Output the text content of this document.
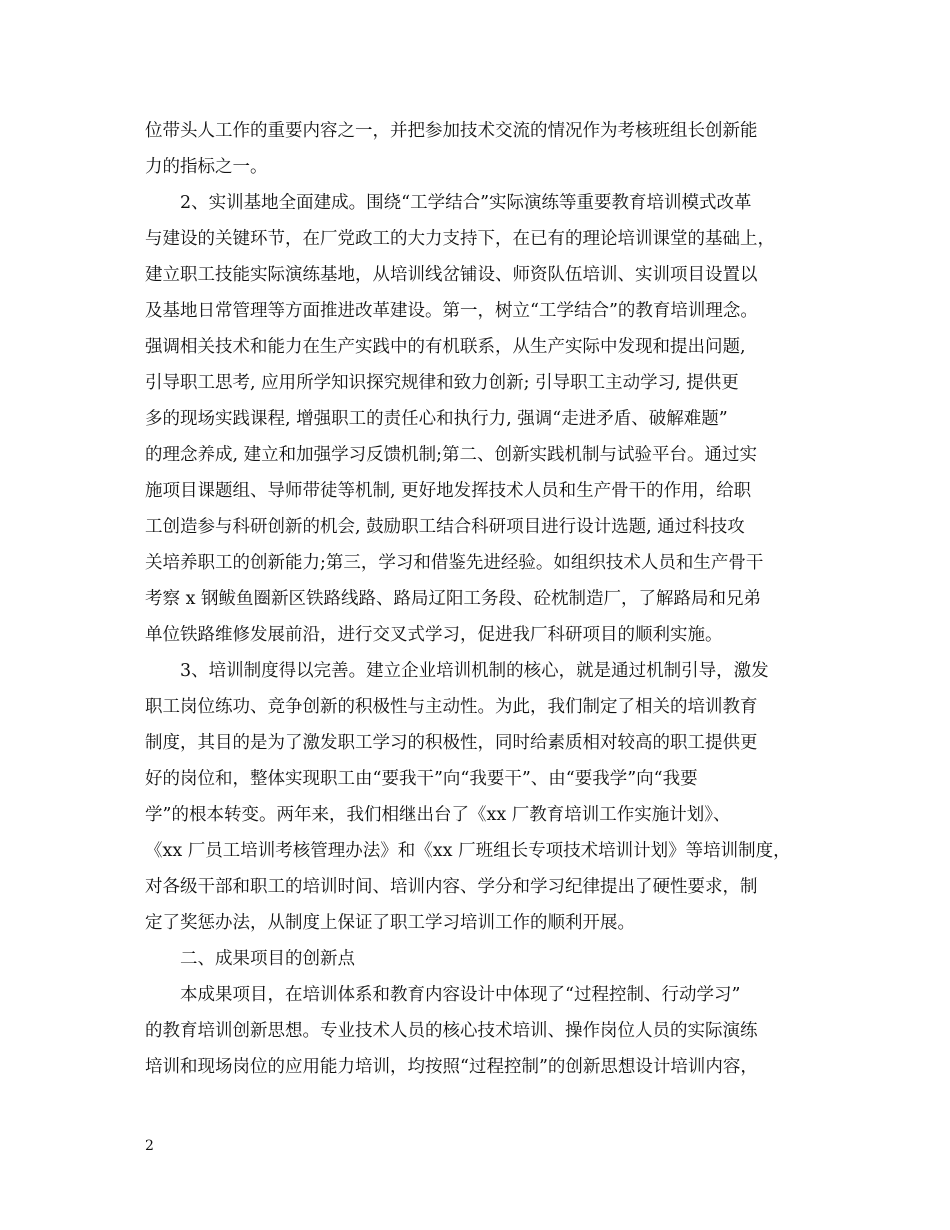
位带头人工作的重要内容之一，并把参加技术交流的情况作为考核班组长创新能

力的指标之一。

2、实训基地全面建成。围绕“工学结合”实际演练等重要教育培训模式改革

与建设的关键环节，在厂党政工的大力支持下，在已有的理论培训课堂的基础上，

建立职工技能实际演练基地，从培训线岔铺设、师资队伍培训、实训项目设置以

及基地日常管理等方面推进改革建设。第一，树立“工学结合”的教育培训理念。

强调相关技术和能力在生产实践中的有机联系，从生产实际中发现和提出问题,

引导职工思考, 应用所学知识探究规律和致力创新; 引导职工主动学习, 提供更

多的现场实践课程, 增强职工的责任心和执行力, 强调“走进矛盾、破解难题”

的理念养成, 建立和加强学习反馈机制;第二、创新实践机制与试验平台。通过实

施项目课题组、导师带徒等机制, 更好地发挥技术人员和生产骨干的作用，给职

工创造参与科研创新的机会, 鼓励职工结合科研项目进行设计选题, 通过科技攻

关培养职工的创新能力;第三，学习和借鉴先进经验。如组织技术人员和生产骨干

考察 x 钢鲅鱼圈新区铁路线路、路局辽阳工务段、砼枕制造厂，了解路局和兄弟

单位铁路维修发展前沿，进行交叉式学习，促进我厂科研项目的顺利实施。

3、培训制度得以完善。建立企业培训机制的核心，就是通过机制引导，激发

职工岗位练功、竞争创新的积极性与主动性。为此，我们制定了相关的培训教育

制度，其目的是为了激发职工学习的积极性，同时给素质相对较高的职工提供更

好的岗位和，整体实现职工由“要我干”向“我要干”、由“要我学”向“我要

学”的根本转变。两年来，我们相继出台了《xx 厂教育培训工作实施计划》、

《xx 厂员工培训考核管理办法》和《xx 厂班组长专项技术培训计划》等培训制度，

对各级干部和职工的培训时间、培训内容、学分和学习纪律提出了硬性要求，制

定了奖惩办法，从制度上保证了职工学习培训工作的顺利开展。

二、成果项目的创新点

本成果项目，在培训体系和教育内容设计中体现了“过程控制、行动学习”

的教育培训创新思想。专业技术人员的核心技术培训、操作岗位人员的实际演练

培训和现场岗位的应用能力培训，均按照“过程控制”的创新思想设计培训内容，

2
